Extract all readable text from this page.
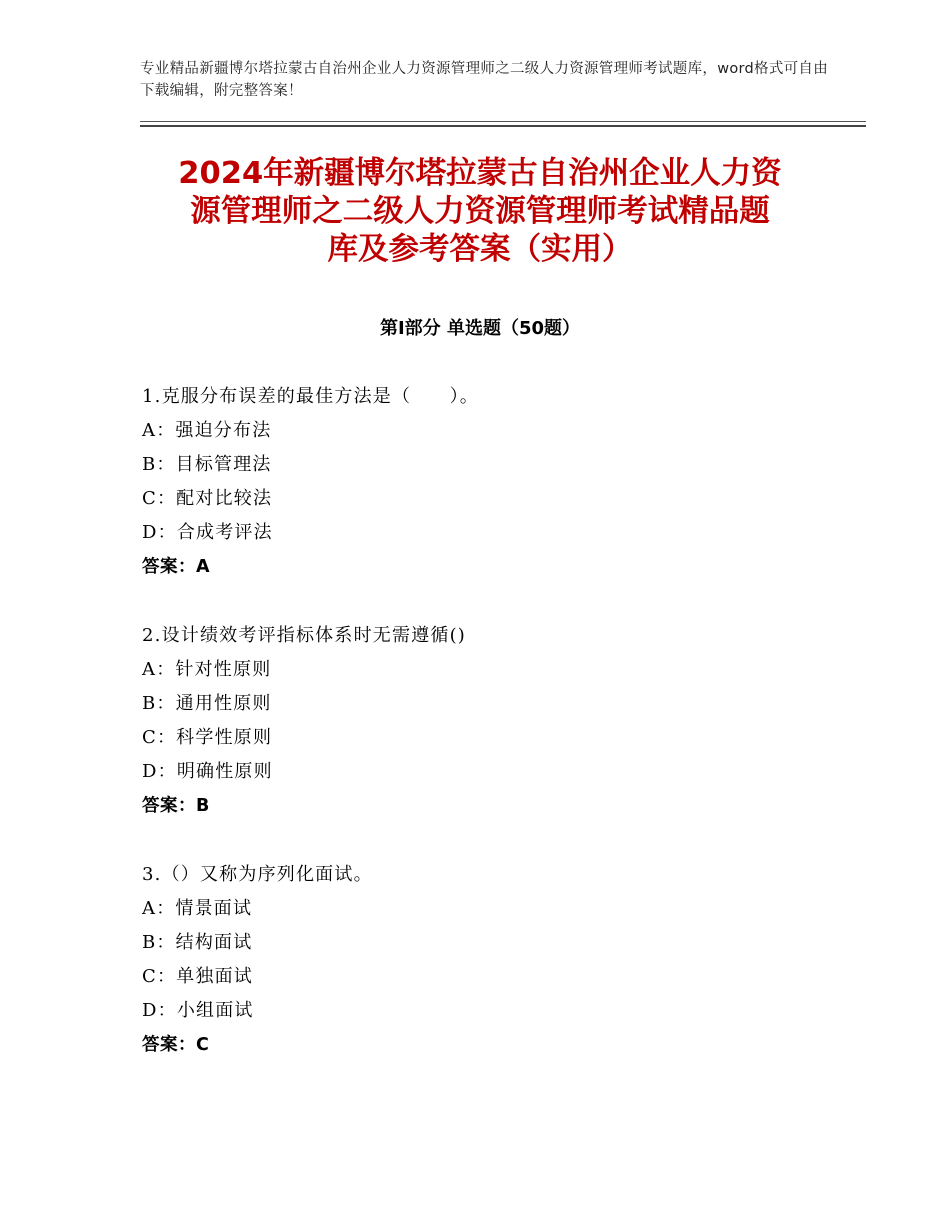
专业精品新疆博尔塔拉蒙古自治州企业人力资源管理师之二级人力资源管理师考试题库，word格式可自由下载编辑，附完整答案！
2024年新疆博尔塔拉蒙古自治州企业人力资
源管理师之二级人力资源管理师考试精品题
库及参考答案（实用）
第Ⅰ部分 单选题（50题）
1.克服分布误差的最佳方法是（　　）。
A：强迫分布法
B：目标管理法
C：配对比较法
D：合成考评法
答案：A
2.设计绩效考评指标体系时无需遵循()
A：针对性原则
B：通用性原则
C：科学性原则
D：明确性原则
答案：B
3.（）又称为序列化面试。
A：情景面试
B：结构面试
C：单独面试
D：小组面试
答案：C
